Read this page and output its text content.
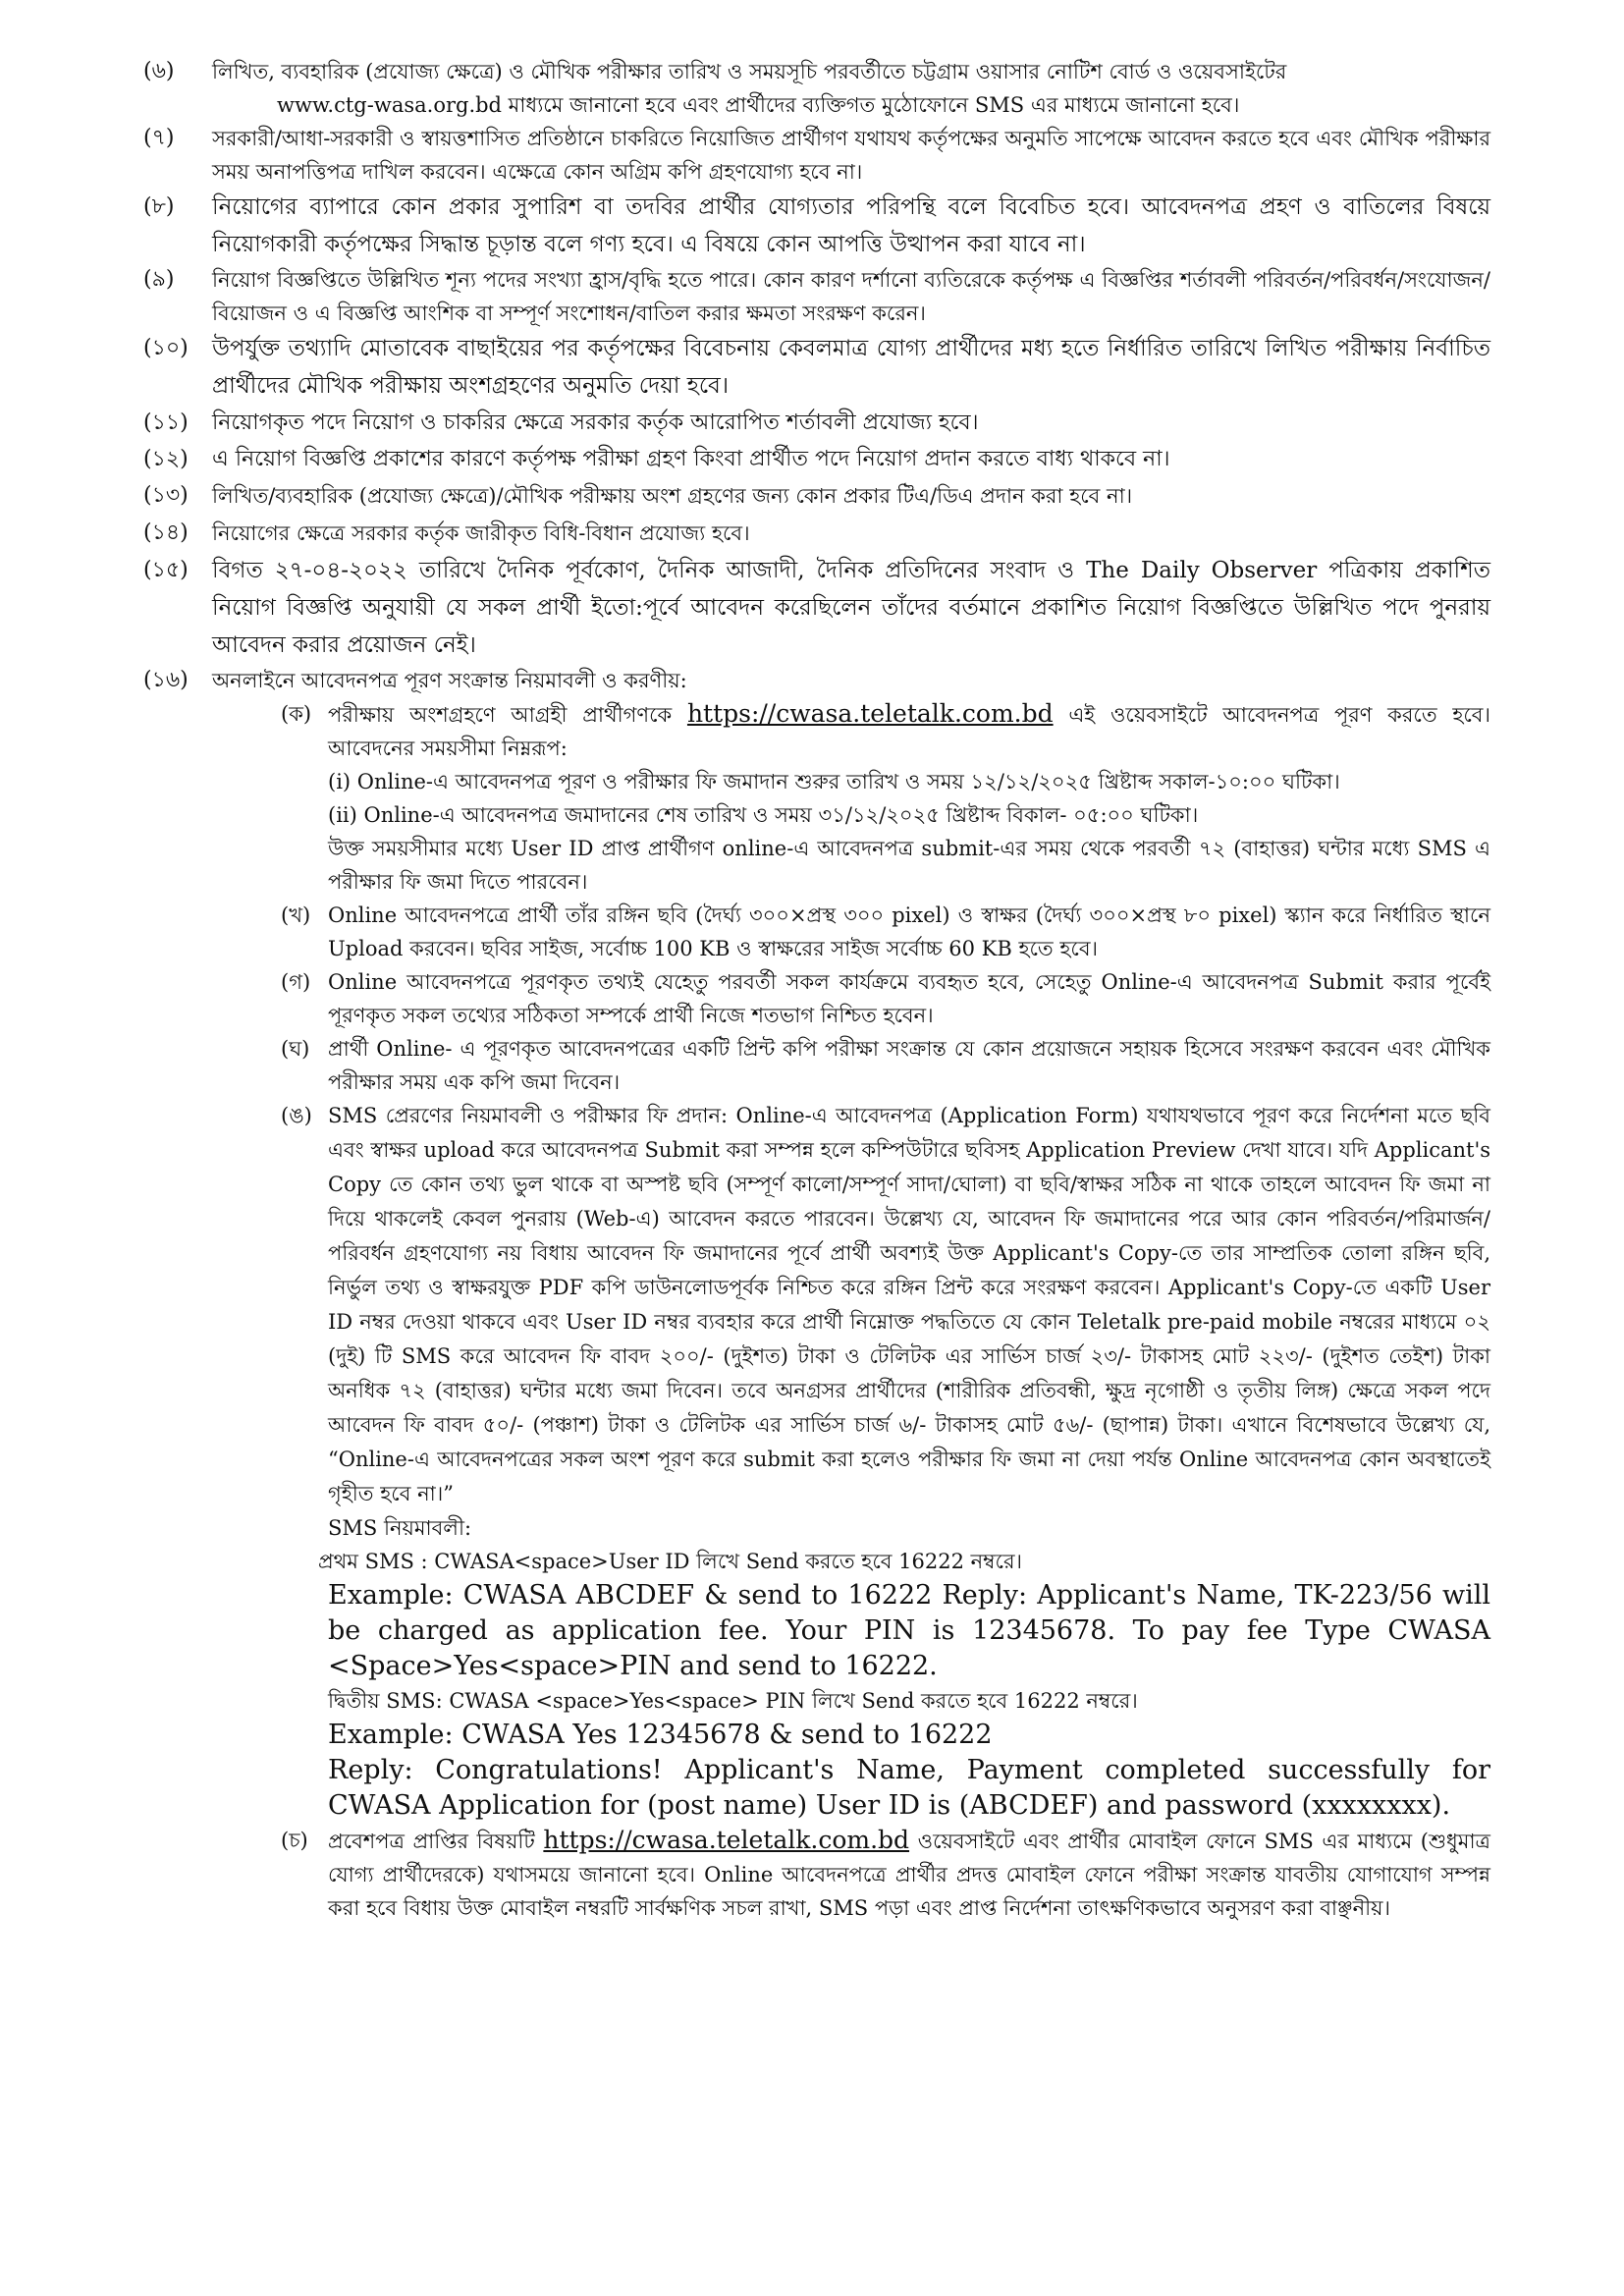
(৬)	লিখিত, ব্যবহারিক (প্রযোজ্য ক্ষেত্রে) ও মৌখিক পরীক্ষার তারিখ ও সময়সূচি পরবর্তীতে চট্টগ্রাম ওয়াসার নোটিশ বোর্ড ও ওয়েবসাইটের
www.ctg-wasa.org.bd মাধ্যমে জানানো হবে এবং প্রার্থীদের ব্যক্তিগত মুঠোফোনে SMS এর মাধ্যমে জানানো হবে।
(৭)	সরকারী/আধা-সরকারী ও স্বায়ত্তশাসিত প্রতিষ্ঠানে চাকরিতে নিয়োজিত প্রার্থীগণ যথাযথ কর্তৃপক্ষের অনুমতি সাপেক্ষে আবেদন করতে হবে এবং মৌখিক পরীক্ষার সময় অনাপত্তিপত্র দাখিল করবেন। এক্ষেত্রে কোন অগ্রিম কপি গ্রহণযোগ্য হবে না।
(৮)	নিয়োগের ব্যাপারে কোন প্রকার সুপারিশ বা তদবির প্রার্থীর যোগ্যতার পরিপন্থি বলে বিবেচিত হবে। আবেদনপত্র প্রহণ ও বাতিলের বিষয়ে নিয়োগকারী কর্তৃপক্ষের সিদ্ধান্ত চূড়ান্ত বলে গণ্য হবে। এ বিষয়ে কোন আপত্তি উত্থাপন করা যাবে না।
(৯)	নিয়োগ বিজ্ঞপ্তিতে উল্লিখিত শূন্য পদের সংখ্যা হ্রাস/বৃদ্ধি হতে পারে। কোন কারণ দর্শানো ব্যতিরেকে কর্তৃপক্ষ এ বিজ্ঞপ্তির শর্তাবলী পরিবর্তন/পরিবর্ধন/সংযোজন/বিয়োজন ও এ বিজ্ঞপ্তি আংশিক বা সম্পূর্ণ সংশোধন/বাতিল করার ক্ষমতা সংরক্ষণ করেন।
(১০)	উপর্যুক্ত তথ্যাদি মোতাবেক বাছাইয়ের পর কর্তৃপক্ষের বিবেচনায় কেবলমাত্র যোগ্য প্রার্থীদের মধ্য হতে নির্ধারিত তারিখে লিখিত পরীক্ষায় নির্বাচিত প্রার্থীদের মৌখিক পরীক্ষায় অংশগ্রহণের অনুমতি দেয়া হবে।
(১১)	নিয়োগকৃত পদে নিয়োগ ও চাকরির ক্ষেত্রে সরকার কর্তৃক আরোপিত শর্তাবলী প্রযোজ্য হবে।
(১২)	এ নিয়োগ বিজ্ঞপ্তি প্রকাশের কারণে কর্তৃপক্ষ পরীক্ষা গ্রহণ কিংবা প্রার্থীত পদে নিয়োগ প্রদান করতে বাধ্য থাকবে না।
(১৩)	লিখিত/ব্যবহারিক (প্রযোজ্য ক্ষেত্রে)/মৌখিক পরীক্ষায় অংশ গ্রহণের জন্য কোন প্রকার টিএ/ডিএ প্রদান করা হবে না।
(১৪)	নিয়োগের ক্ষেত্রে সরকার কর্তৃক জারীকৃত বিধি-বিধান প্রযোজ্য হবে।
(১৫)	বিগত ২৭-০৪-২০২২ তারিখে দৈনিক পূর্বকোণ, দৈনিক আজাদী, দৈনিক প্রতিদিনের সংবাদ ও The Daily Observer পত্রিকায় প্রকাশিত নিয়োগ বিজ্ঞপ্তি অনুযায়ী যে সকল প্রার্থী ইতো:পূর্বে আবেদন করেছিলেন তাঁদের বর্তমানে প্রকাশিত নিয়োগ বিজ্ঞপ্তিতে উল্লিখিত পদে পুনরায় আবেদন করার প্রয়োজন নেই।
(১৬)	অনলাইনে আবেদনপত্র পূরণ সংক্রান্ত নিয়মাবলী ও করণীয়:
(ক) পরীক্ষায় অংশগ্রহণে আগ্রহী প্রার্থীগণকে https://cwasa.teletalk.com.bd এই ওয়েবসাইটে আবেদনপত্র পূরণ করতে হবে। আবেদনের সময়সীমা নিম্নরূপ:
(i) Online-এ আবেদনপত্র পূরণ ও পরীক্ষার ফি জমাদান শুরুর তারিখ ও সময় ১২/১২/২০২৫ খ্রিষ্টাব্দ সকাল-১০:০০ ঘটিকা।
(ii) Online-এ আবেদনপত্র জমাদানের শেষ তারিখ ও সময় ৩১/১২/২০২৫ খ্রিষ্টাব্দ বিকাল- ০৫:০০ ঘটিকা।
উক্ত সময়সীমার মধ্যে User ID প্রাপ্ত প্রার্থীগণ online-এ আবেদনপত্র submit-এর সময় থেকে পরবর্তী ৭২ (বাহাত্তর) ঘন্টার মধ্যে SMS এ পরীক্ষার ফি জমা দিতে পারবেন।
(খ) Online আবেদনপত্রে প্রার্থী তাঁর রঙ্গিন ছবি (দৈর্ঘ্য ৩০০×প্রস্থ ৩০০ pixel) ও স্বাক্ষর (দৈর্ঘ্য ৩০০×প্রস্থ ৮০ pixel) স্ক্যান করে নির্ধারিত স্থানে Upload করবেন। ছবির সাইজ, সর্বোচ্চ 100 KB ও স্বাক্ষরের সাইজ সর্বোচ্চ 60 KB হতে হবে।
(গ) Online আবেদনপত্রে পূরণকৃত তথ্যই যেহেতু পরবর্তী সকল কার্যক্রমে ব্যবহৃত হবে, সেহেতু Online-এ আবেদনপত্র Submit করার পূর্বেই পূরণকৃত সকল তথ্যের সঠিকতা সম্পর্কে প্রার্থী নিজে শতভাগ নিশ্চিত হবেন।
(ঘ) প্রার্থী Online- এ পূরণকৃত আবেদনপত্রের একটি প্রিন্ট কপি পরীক্ষা সংক্রান্ত যে কোন প্রয়োজনে সহায়ক হিসেবে সংরক্ষণ করবেন এবং মৌখিক পরীক্ষার সময় এক কপি জমা দিবেন।
(ঙ) SMS প্রেরণের নিয়মাবলী ও পরীক্ষার ফি প্রদান: Online-এ আবেদনপত্র (Application Form) যথাযথভাবে পূরণ করে নির্দেশনা মতে ছবি এবং স্বাক্ষর upload করে আবেদনপত্র Submit করা সম্পন্ন হলে কম্পিউটারে ছবিসহ Application Preview দেখা যাবে। যদি Applicant's Copy তে কোন তথ্য ভুল থাকে বা অস্পষ্ট ছবি (সম্পূর্ণ কালো/সম্পূর্ণ সাদা/ঘোলা) বা ছবি/স্বাক্ষর সঠিক না থাকে তাহলে আবেদন ফি জমা না দিয়ে থাকলেই কেবল পুনরায় (Web-এ) আবেদন করতে পারবেন। উল্লেখ্য যে, আবেদন ফি জমাদানের পরে আর কোন পরিবর্তন/পরিমার্জন/পরিবর্ধন গ্রহণযোগ্য নয় বিধায় আবেদন ফি জমাদানের পূর্বে প্রার্থী অবশ্যই উক্ত Applicant's Copy-তে তার সাম্প্রতিক তোলা রঙ্গিন ছবি, নির্ভুল তথ্য ও স্বাক্ষরযুক্ত PDF কপি ডাউনলোডপূর্বক নিশ্চিত করে রঙ্গিন প্রিন্ট করে সংরক্ষণ করবেন। Applicant's Copy-তে একটি User ID নম্বর দেওয়া থাকবে এবং User ID নম্বর ব্যবহার করে প্রার্থী নিম্নোক্ত পদ্ধতিতে যে কোন Teletalk pre-paid mobile নম্বরের মাধ্যমে ০২ (দুই) টি SMS করে আবেদন ফি বাবদ ২০০/- (দুইশত) টাকা ও টেলিটক এর সার্ভিস চার্জ ২৩/- টাকাসহ মোট ২২৩/- (দুইশত তেইশ) টাকা অনধিক ৭২ (বাহাত্তর) ঘন্টার মধ্যে জমা দিবেন। তবে অনগ্রসর প্রার্থীদের (শারীরিক প্রতিবন্ধী, ক্ষুদ্র নৃগোষ্ঠী ও তৃতীয় লিঙ্গ) ক্ষেত্রে সকল পদে আবেদন ফি বাবদ ৫০/- (পঞ্চাশ) টাকা ও টেলিটক এর সার্ভিস চার্জ ৬/- টাকাসহ মোট ৫৬/- (ছাপান্ন) টাকা। এখানে বিশেষভাবে উল্লেখ্য যে, “Online-এ আবেদনপত্রের সকল অংশ পূরণ করে submit করা হলেও পরীক্ষার ফি জমা না দেয়া পর্যন্ত Online আবেদনপত্র কোন অবস্থাতেই গৃহীত হবে না।”
SMS নিয়মাবলী:
প্রথম SMS : CWASA<space>User ID লিখে Send করতে হবে 16222 নম্বরে।
Example: CWASA ABCDEF & send to 16222 Reply: Applicant's Name, TK-223/56 will be charged as application fee. Your PIN is 12345678. To pay fee Type CWASA <Space>Yes<space>PIN and send to 16222.
দ্বিতীয় SMS: CWASA <space>Yes<space> PIN লিখে Send করতে হবে 16222 নম্বরে।
Example: CWASA Yes 12345678 & send to 16222
Reply: Congratulations! Applicant's Name, Payment completed successfully for CWASA Application for (post name) User ID is (ABCDEF) and password (xxxxxxxx).
(চ) প্রবেশপত্র প্রাপ্তির বিষয়টি https://cwasa.teletalk.com.bd ওয়েবসাইটে এবং প্রার্থীর মোবাইল ফোনে SMS এর মাধ্যমে (শুধুমাত্র যোগ্য প্রার্থীদেরকে) যথাসময়ে জানানো হবে। Online আবেদনপত্রে প্রার্থীর প্রদত্ত মোবাইল ফোনে পরীক্ষা সংক্রান্ত যাবতীয় যোগাযোগ সম্পন্ন করা হবে বিধায় উক্ত মোবাইল নম্বরটি সার্বক্ষণিক সচল রাখা, SMS পড়া এবং প্রাপ্ত নির্দেশনা তাৎক্ষণিকভাবে অনুসরণ করা বাঞ্ছনীয়।
